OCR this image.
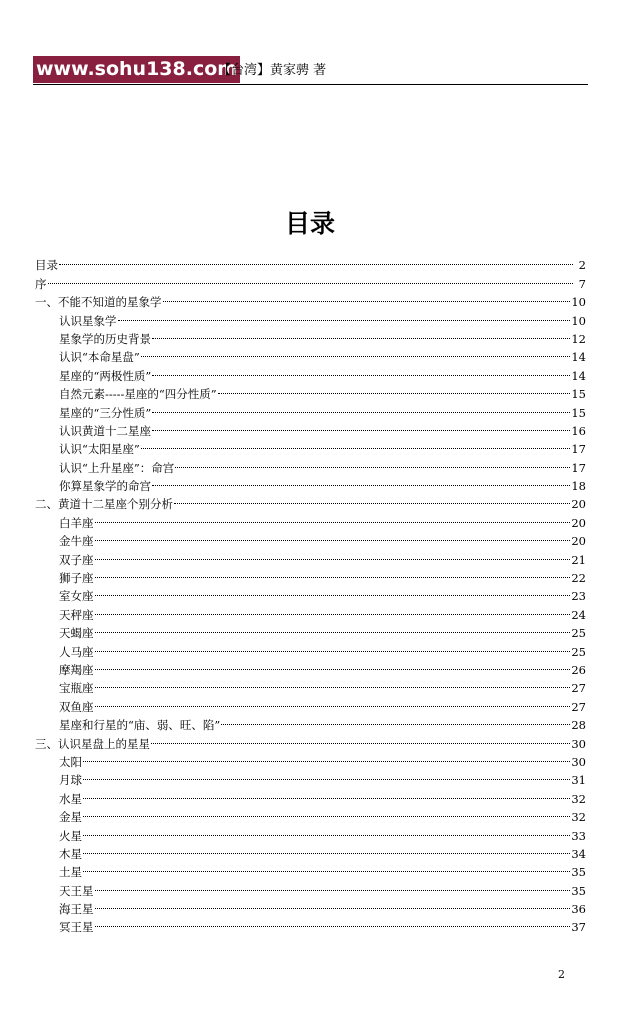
www.sohu138.com
【台湾】黄家骋 著
目录
目录	2
序	7
一、不能不知道的星象学	10
认识星象学	10
星象学的历史背景	12
认识“本命星盘”	14
星座的“两极性质”	14
自然元素-----星座的“四分性质”	15
星座的“三分性质”	15
认识黄道十二星座	16
认识“太阳星座”	17
认识“上升星座”：命宫	17
你算星象学的命宫	18
二、黄道十二星座个别分析	20
白羊座	20
金牛座	20
双子座	21
狮子座	22
室女座	23
天秤座	24
天蝎座	25
人马座	25
摩羯座	26
宝瓶座	27
双鱼座	27
星座和行星的“庙、弱、旺、陷”	28
三、认识星盘上的星星	30
太阳	30
月球	31
水星	32
金星	32
火星	33
木星	34
土星	35
天王星	35
海王星	36
冥王星	37
2
